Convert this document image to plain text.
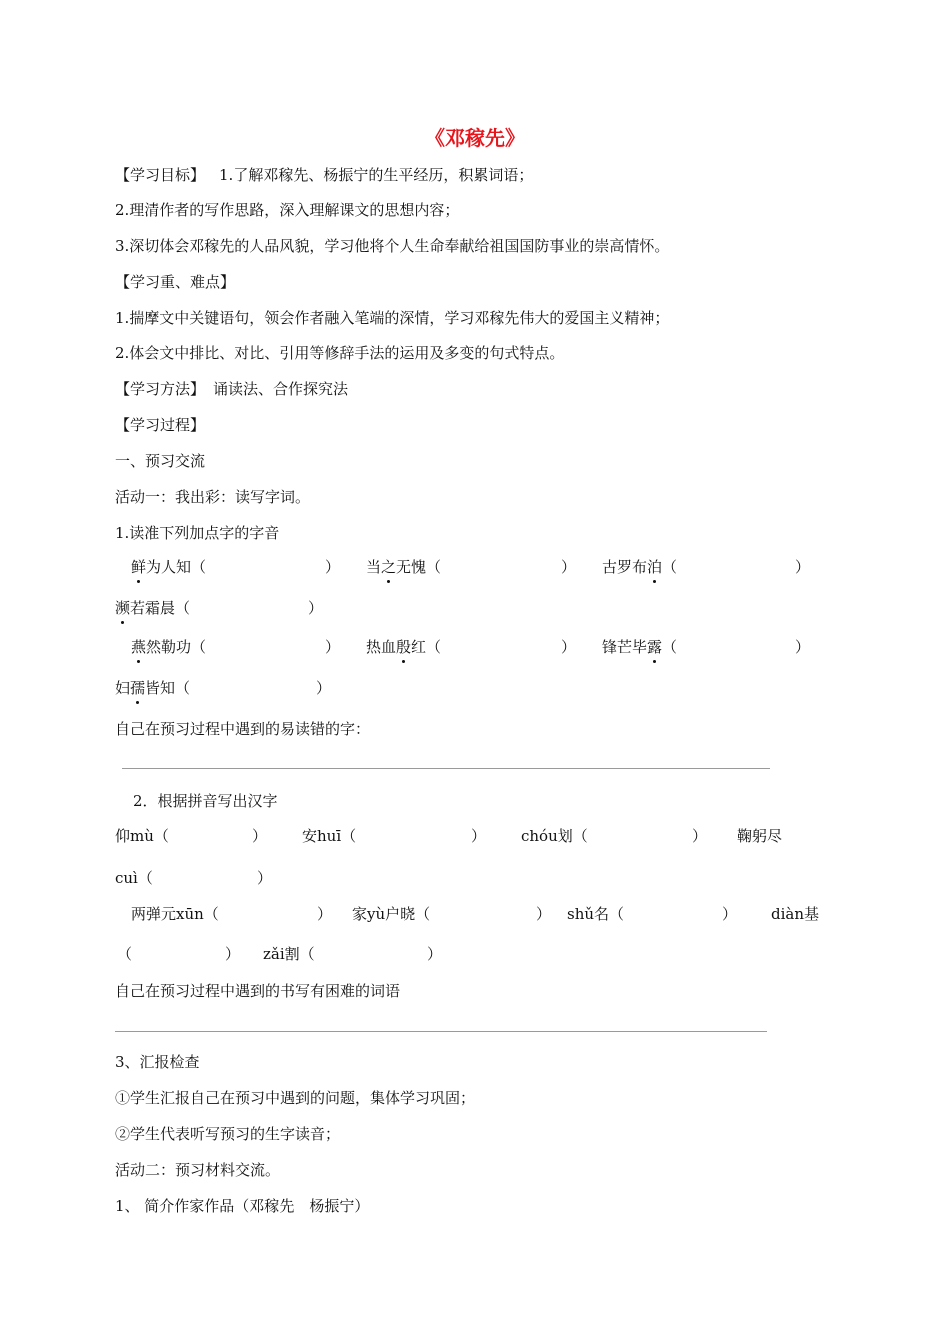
《邓稼先》
【学习目标】 1.了解邓稼先、杨振宁的生平经历，积累词语；
2.理清作者的写作思路，深入理解课文的思想内容；
3.深切体会邓稼先的人品风貌，学习他将个人生命奉献给祖国国防事业的崇高情怀。
【学习重、难点】
1.揣摩文中关键语句，领会作者融入笔端的深情，学习邓稼先伟大的爱国主义精神；
2.体会文中排比、对比、引用等修辞手法的运用及多变的句式特点。
【学习方法】 诵读法、合作探究法
【学习过程】
一、预习交流
活动一：我出彩：读写字词。
1.读准下列加点字的字音
鲜为人知（	） 当之无愧（	） 古罗布泊（	）
濒若霜晨（	）
燕然勒功（	） 热血殷红（	） 锋芒毕露（	）
妇孺皆知（	）
自己在预习过程中遇到的易读错的字：
2．根据拼音写出汉字
仰mù（	） 安huī（	） chóu划（	） 鞠躬尽
cuì（	）
两弹元xūn（	） 家yù户晓（	） shǔ名（	） diàn基
（	） zǎi割（	）
自己在预习过程中遇到的书写有困难的词语
3、汇报检查
①学生汇报自己在预习中遇到的问题，集体学习巩固；
②学生代表听写预习的生字读音；
活动二：预习材料交流。
1、 简介作家作品（邓稼先　杨振宁）
